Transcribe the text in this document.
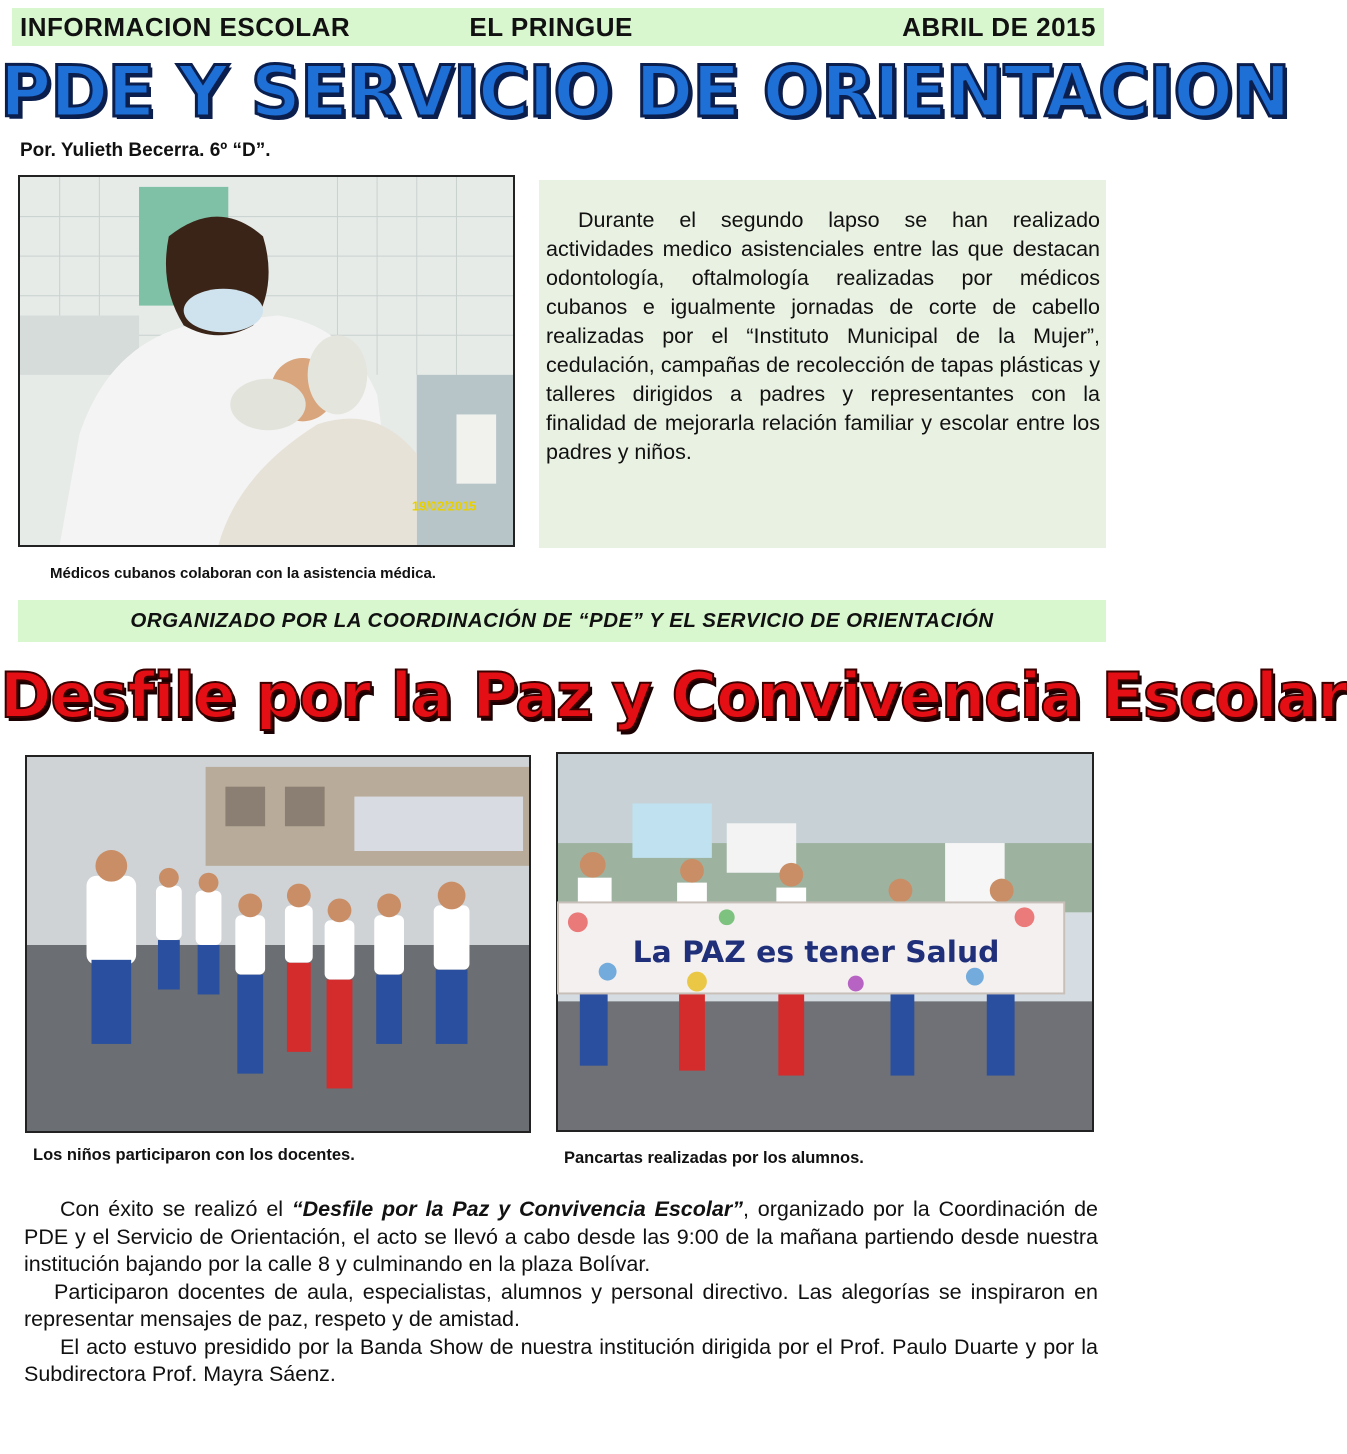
INFORMACION ESCOLAR	EL PRINGUE	ABRIL DE 2015
PDE Y SERVICIO DE ORIENTACION
Por. Yulieth Becerra. 6º “D”.
19/02/2015
Médicos cubanos colaboran con la asistencia médica.
Durante el segundo lapso se han realizado actividades medico asistenciales entre las que destacan odontología, oftalmología realizadas por médicos cubanos e igualmente jornadas de corte de cabello realizadas por el “Instituto Municipal de la Mujer”, cedulación, campañas de recolección de tapas plásticas y talleres dirigidos a padres y representantes con la finalidad de mejorarla relación familiar y escolar entre los padres y niños.
ORGANIZADO POR LA COORDINACIÓN DE “PDE” Y EL SERVICIO DE ORIENTACIÓN
Desfile por la Paz y Convivencia Escolar
La PAZ es tener Salud
Los niños participaron con los docentes.	Pancartas realizadas por los alumnos.

Con éxito se realizó el “Desfile por la Paz y Convivencia Escolar”, organizado por la Coordinación de PDE y el Servicio de Orientación, el acto se llevó a cabo desde las 9:00 de la mañana partiendo desde nuestra institución bajando por la calle 8 y culminando en la plaza Bolívar.

Participaron docentes de aula, especialistas, alumnos y personal directivo. Las alegorías se inspiraron en representar mensajes de paz, respeto y de amistad.

El acto estuvo presidido por la Banda Show de nuestra institución dirigida por el Prof. Paulo Duarte y por la Subdirectora Prof. Mayra Sáenz.
